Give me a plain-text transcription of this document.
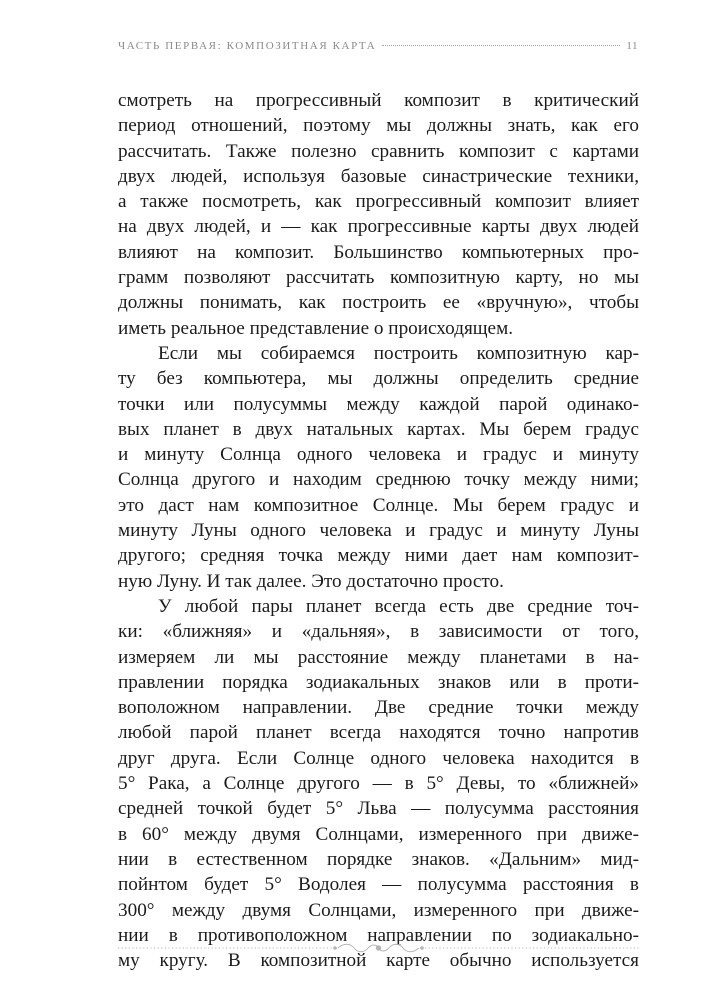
ЧАСТЬ ПЕРВАЯ: КОМПОЗИТНАЯ КАРТА	11
смотреть на прогрессивный композит в критический
период отношений, поэтому мы должны знать, как его
рассчитать. Также полезно сравнить композит с картами
двух людей, используя базовые синастрические техники,
а также посмотреть, как прогрессивный композит влияет
на двух людей, и — как прогрессивные карты двух людей
влияют на композит. Большинство компьютерных про-
грамм позволяют рассчитать композитную карту, но мы
должны понимать, как построить ее «вручную», чтобы
иметь реальное представление о происходящем.
Если мы собираемся построить композитную кар-
ту без компьютера, мы должны определить средние
точки или полусуммы между каждой парой одинако-
вых планет в двух натальных картах. Мы берем градус
и минуту Солнца одного человека и градус и минуту
Солнца другого и находим среднюю точку между ними;
это даст нам композитное Солнце. Мы берем градус и
минуту Луны одного человека и градус и минуту Луны
другого; средняя точка между ними дает нам композит-
ную Луну. И так далее. Это достаточно просто.
У любой пары планет всегда есть две средние точ-
ки: «ближняя» и «дальняя», в зависимости от того,
измеряем ли мы расстояние между планетами в на-
правлении порядка зодиакальных знаков или в проти-
воположном направлении. Две средние точки между
любой парой планет всегда находятся точно напротив
друг друга. Если Солнце одного человека находится в
5° Рака, а Солнце другого — в 5° Девы, то «ближней»
средней точкой будет 5° Льва — полусумма расстояния
в 60° между двумя Солнцами, измеренного при движе-
нии в естественном порядке знаков. «Дальним» мид-
пойнтом будет 5° Водолея — полусумма расстояния в
300° между двумя Солнцами, измеренного при движе-
нии в противоположном направлении по зодиакально-
му кругу. В композитной карте обычно используется
